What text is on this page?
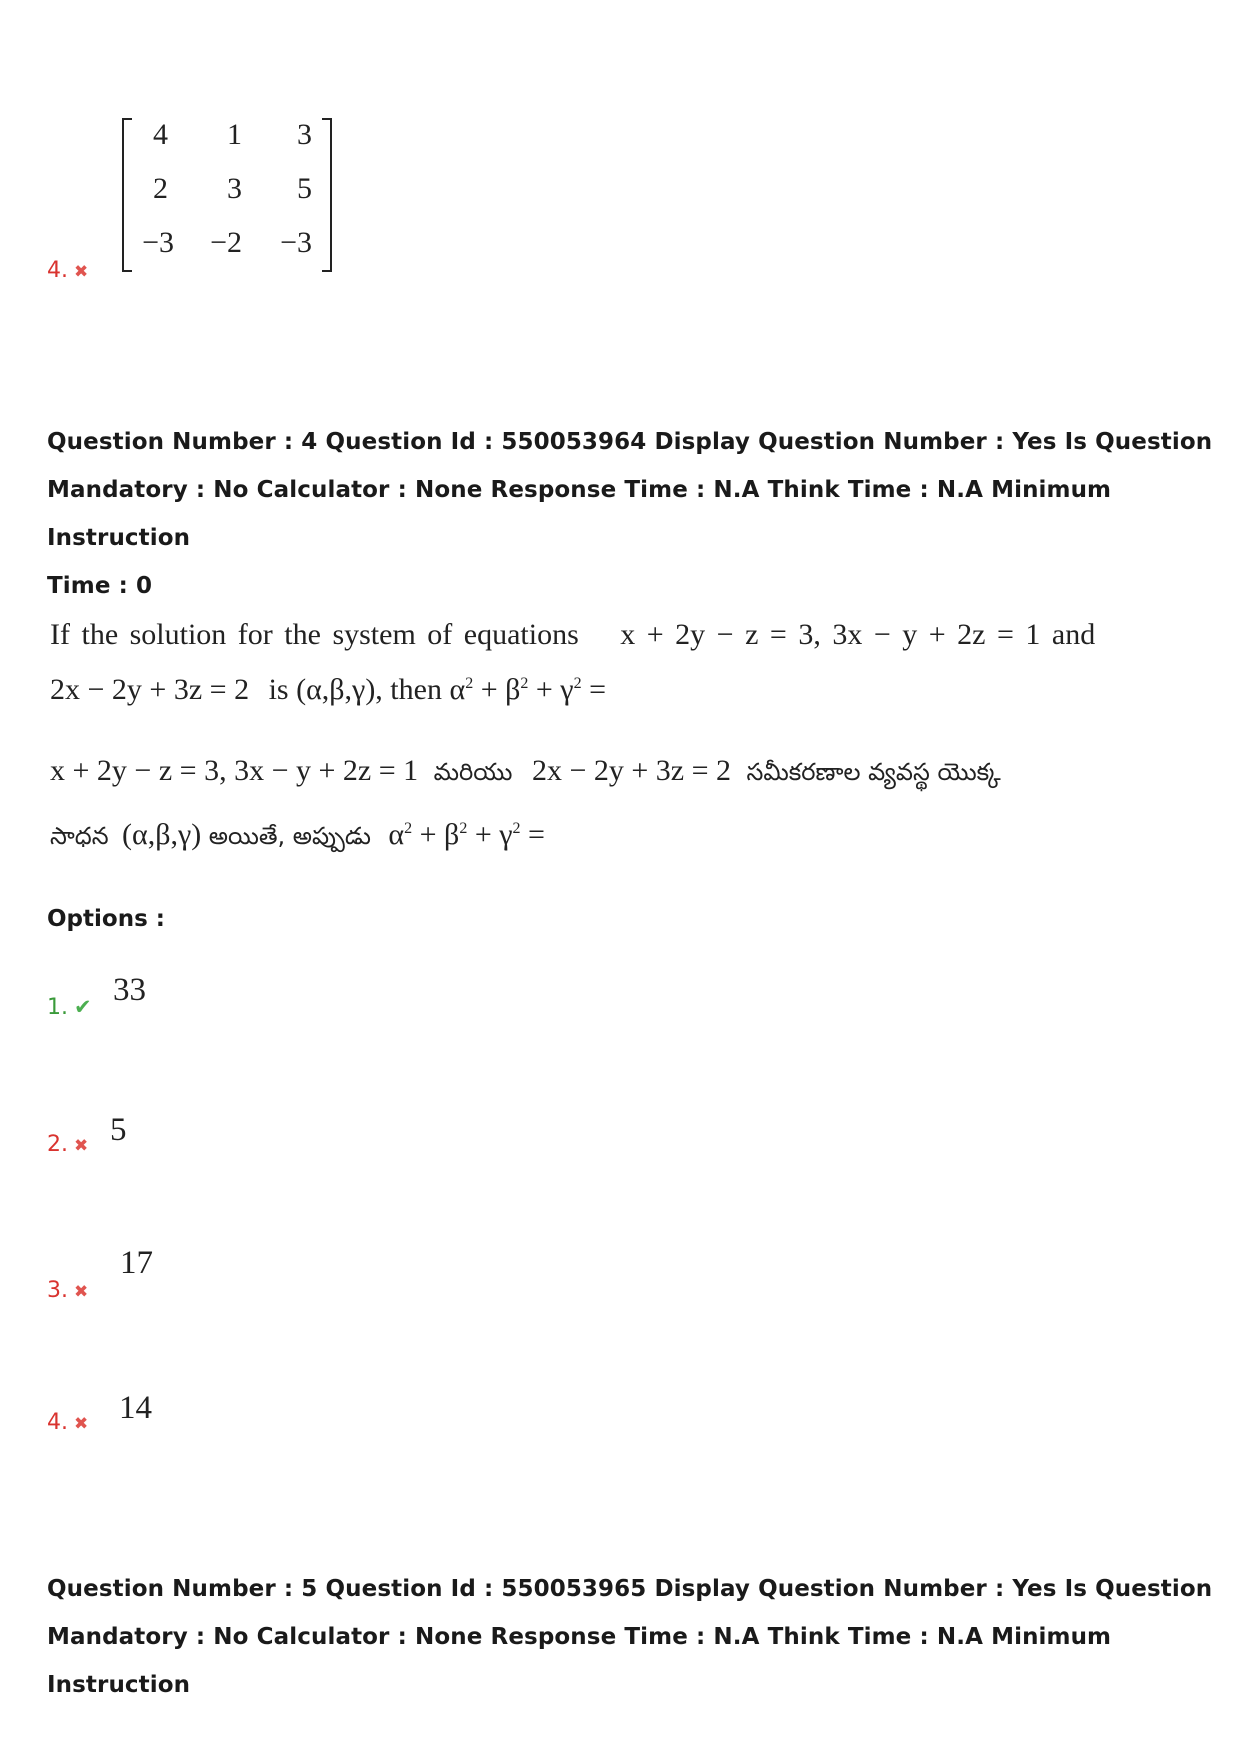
4. ✖
4	1	3
2	3	5
−3	−2	−3
Question Number : 4 Question Id : 550053964 Display Question Number : Yes Is Question
Mandatory : No Calculator : None Response Time : N.A Think Time : N.A Minimum Instruction
Time : 0
If the solution for the system of equations x + 2y − z = 3, 3x − y + 2z = 1 and
2x − 2y + 3z = 2 is (α,β,γ), then $\alpha^2 + \beta^2 + \gamma^2$ =
x + 2y − z = 3, 3x − y + 2z = 1 మరియు 2x − 2y + 3z = 2 సమీకరణాల వ్యవస్థ యొక్క
సాధన (α,β,γ) అయితే, అప్పుడు $\alpha^2 + \beta^2 + \gamma^2$ =
Options :
1. ✔ 33
2. ✖ 5
3. ✖
17
4. ✖ 14
Question Number : 5 Question Id : 550053965 Display Question Number : Yes Is Question
Mandatory : No Calculator : None Response Time : N.A Think Time : N.A Minimum Instruction
